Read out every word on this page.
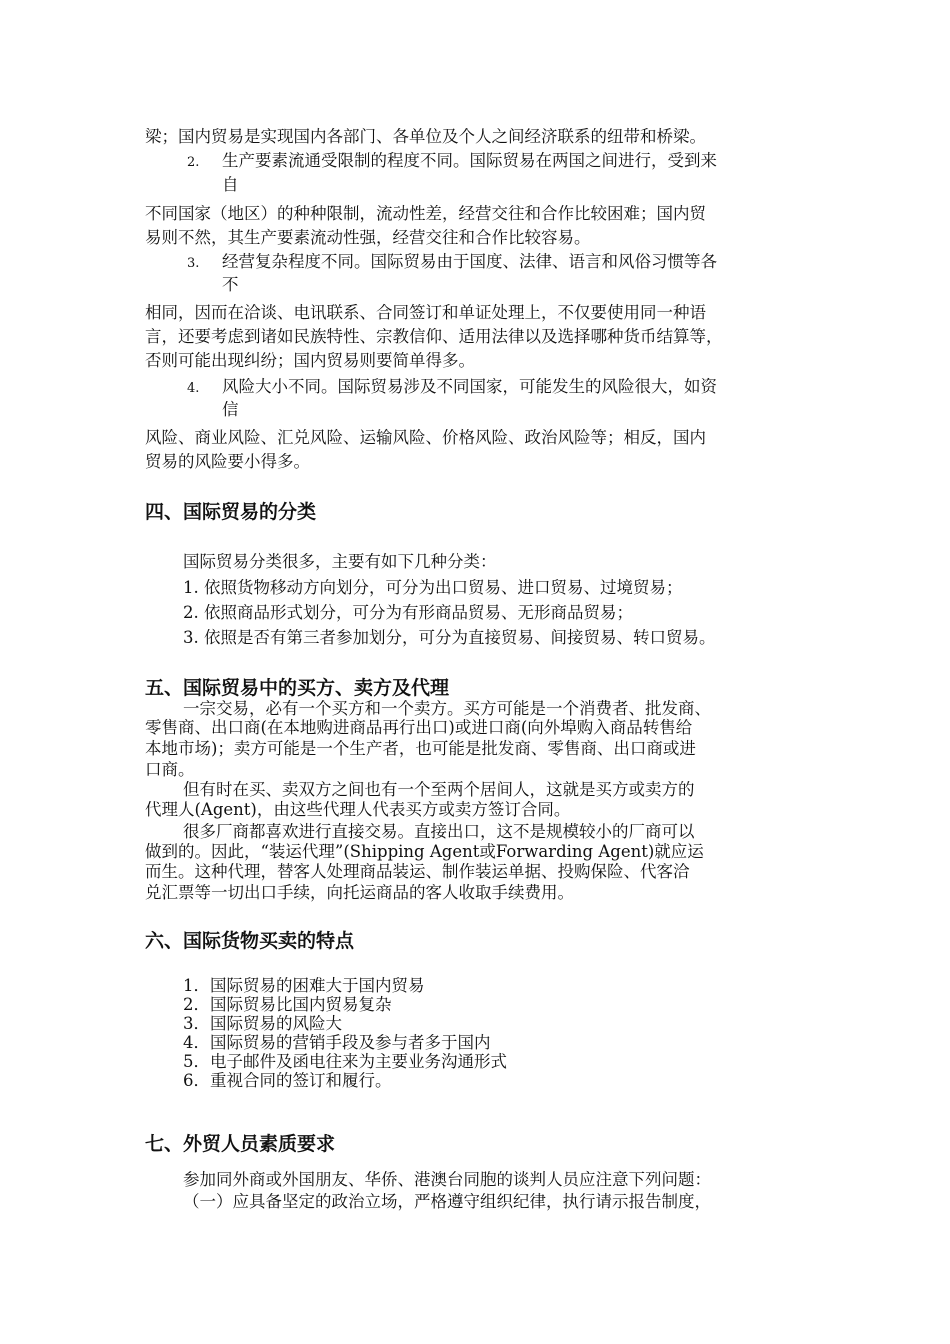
梁；国内贸易是实现国内各部门、各单位及个人之间经济联系的纽带和桥梁。
2. 生产要素流通受限制的程度不同。国际贸易在两国之间进行，受到来
自
不同国家（地区）的种种限制，流动性差，经营交往和合作比较困难；国内贸
易则不然，其生产要素流动性强，经营交往和合作比较容易。
3. 经营复杂程度不同。国际贸易由于国度、法律、语言和风俗习惯等各
不
相同，因而在洽谈、电讯联系、合同签订和单证处理上，不仅要使用同一种语
言，还要考虑到诸如民族特性、宗教信仰、适用法律以及选择哪种货币结算等，
否则可能出现纠纷；国内贸易则要简单得多。
4. 风险大小不同。国际贸易涉及不同国家，可能发生的风险很大，如资
信
风险、商业风险、汇兑风险、运输风险、价格风险、政治风险等；相反，国内
贸易的风险要小得多。
四、国际贸易的分类
国际贸易分类很多，主要有如下几种分类：
1. 依照货物移动方向划分，可分为出口贸易、进口贸易、过境贸易；
2. 依照商品形式划分，可分为有形商品贸易、无形商品贸易；
3. 依照是否有第三者参加划分，可分为直接贸易、间接贸易、转口贸易。
五、国际贸易中的买方、卖方及代理
一宗交易，必有一个买方和一个卖方。买方可能是一个消费者、批发商、
零售商、出口商(在本地购进商品再行出口)或进口商(向外埠购入商品转售给
本地市场)；卖方可能是一个生产者，也可能是批发商、零售商、出口商或进
口商。
但有时在买、卖双方之间也有一个至两个居间人，这就是买方或卖方的
代理人(Agent)，由这些代理人代表买方或卖方签订合同。
很多厂商都喜欢进行直接交易。直接出口，这不是规模较小的厂商可以
做到的。因此，“装运代理”(Shipping Agent或Forwarding Agent)就应运
而生。这种代理，替客人处理商品装运、制作装运单据、投购保险、代客洽
兑汇票等一切出口手续，向托运商品的客人收取手续费用。
六、国际货物买卖的特点
1．国际贸易的困难大于国内贸易
2．国际贸易比国内贸易复杂
3．国际贸易的风险大
4．国际贸易的营销手段及参与者多于国内
5．电子邮件及函电往来为主要业务沟通形式
6．重视合同的签订和履行。
七、外贸人员素质要求
参加同外商或外国朋友、华侨、港澳台同胞的谈判人员应注意下列问题：
（一）应具备坚定的政治立场，严格遵守组织纪律，执行请示报告制度，
